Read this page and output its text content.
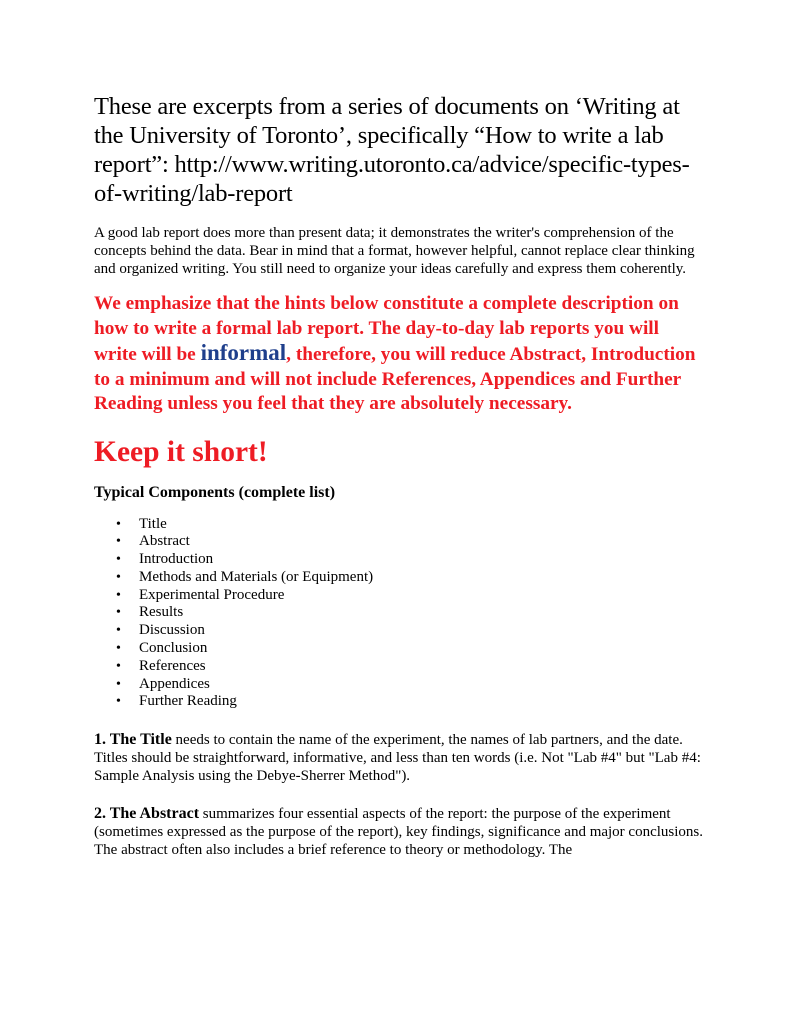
These are excerpts from a series of documents on ‘Writing at the University of Toronto’, specifically “How to write a lab report”: http://www.writing.utoronto.ca/advice/specific-types-of-writing/lab-report

A good lab report does more than present data; it demonstrates the writer's comprehension of the concepts behind the data. Bear in mind that a format, however helpful, cannot replace clear thinking and organized writing. You still need to organize your ideas carefully and express them coherently.

We emphasize that the hints below constitute a complete description on how to write a formal lab report. The day-to-day lab reports you will write will be informal, therefore, you will reduce Abstract, Introduction to a minimum and will not include References, Appendices and Further Reading unless you feel that they are absolutely necessary.

Keep it short!

Typical Components (complete list)

• Title
• Abstract
• Introduction
• Methods and Materials (or Equipment)
• Experimental Procedure
• Results
• Discussion
• Conclusion
• References
• Appendices
• Further Reading

1. The Title needs to contain the name of the experiment, the names of lab partners, and the date. Titles should be straightforward, informative, and less than ten words (i.e. Not "Lab #4" but "Lab #4: Sample Analysis using the Debye-Sherrer Method").

2. The Abstract summarizes four essential aspects of the report: the purpose of the experiment (sometimes expressed as the purpose of the report), key findings, significance and major conclusions. The abstract often also includes a brief reference to theory or methodology. The
